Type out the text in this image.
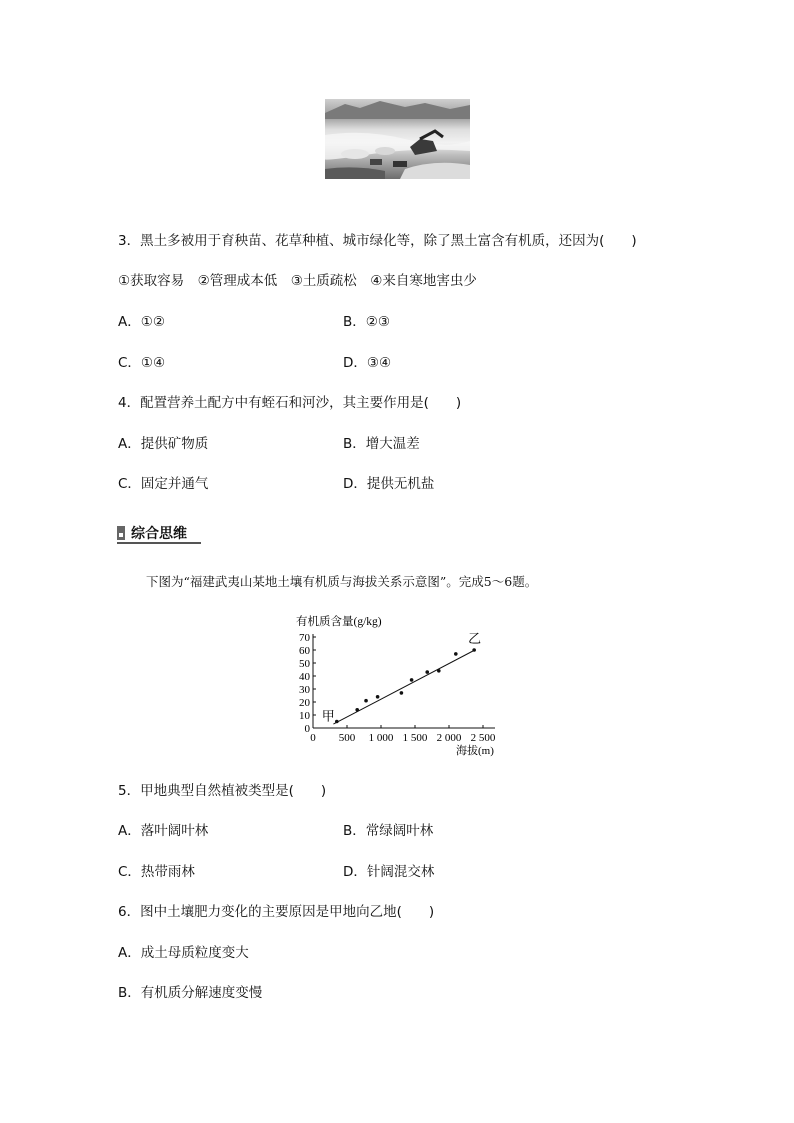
3．黑土多被用于育秧苗、花草种植、城市绿化等，除了黑土富含有机质，还因为(　　)
①获取容易　②管理成本低　③土质疏松　④来自寒地害虫少
A．①②	B．②③
C．①④	D．③④
4．配置营养土配方中有蛭石和河沙，其主要作用是(　　)
A．提供矿物质	B．增大温差
C．固定并通气	D．提供无机盐
综合思维
下图为“福建武夷山某地土壤有机质与海拔关系示意图”。完成5～6题。
有机质含量(g/kg)
0
10
20
30
40
50
60
70
0 500 1 000 1 500 2 000 2 500
甲
乙
海拔(m)
5．甲地典型自然植被类型是(　　)
A．落叶阔叶林	B．常绿阔叶林
C．热带雨林	D．针阔混交林
6．图中土壤肥力变化的主要原因是甲地向乙地(　　)
A．成土母质粒度变大
B．有机质分解速度变慢
